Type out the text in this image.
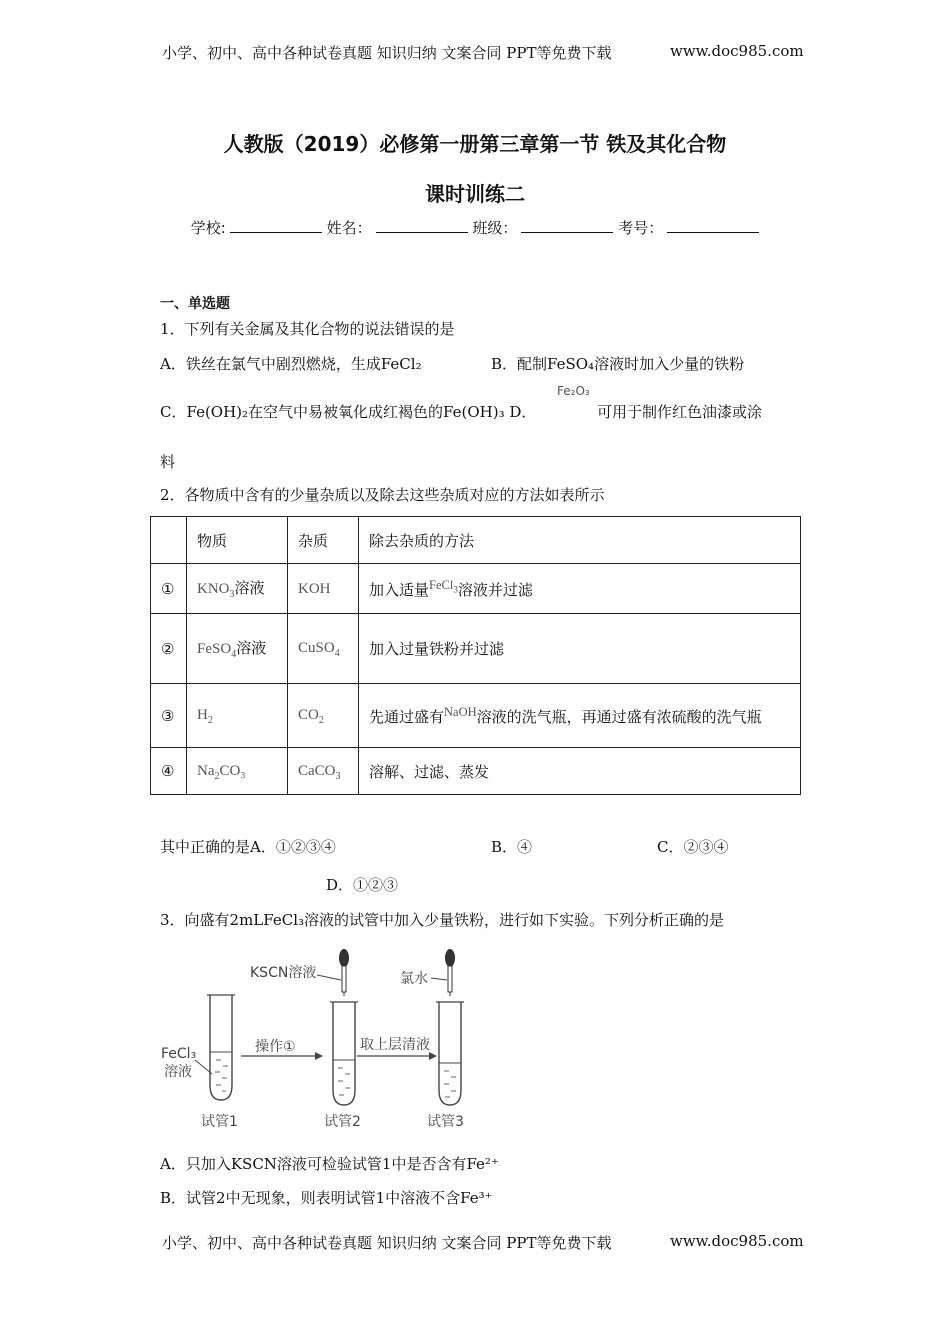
小学、初中、高中各种试卷真题 知识归纳 文案合同 PPT等免费下载	www.doc985.com
人教版（2019）必修第一册第三章第一节 铁及其化合物
课时训练二
学校:	姓名：	班级：	考号：
一、单选题
1．下列有关金属及其化合物的说法错误的是
A．铁丝在氯气中剧烈燃烧，生成FeCl₂	B．配制FeSO₄溶液时加入少量的铁粉
C．Fe(OH)₂在空气中易被氧化成红褐色的Fe(OH)₃ D．
Fe₂O₃
可用于制作红色油漆或涂
料
2．各物质中含有的少量杂质以及除去这些杂质对应的方法如表所示
	物质	杂质	除去杂质的方法
①	$KNO_3$溶液	KOH	加入适量$^{FeCl_3}$溶液并过滤
②	FeSO$_4$溶液	CuSO$_4$	加入过量铁粉并过滤
③	$H_2$	$CO_2$	先通过盛有$^{NaOH}$溶液的洗气瓶，再通过盛有浓硫酸的洗气瓶
④	$Na_2CO_3$	CaCO$_3$	溶解、过滤、蒸发
其中正确的是A．①②③④	B．④	C．②③④
D．①②③
3．向盛有2mLFeCl₃溶液的试管中加入少量铁粉，进行如下实验。下列分析正确的是
FeCl₃
溶液
操作①
KSCN溶液
取上层清液
氯水
试管1	试管2	试管3
A．只加入KSCN溶液可检验试管1中是否含有Fe²⁺
B．试管2中无现象，则表明试管1中溶液不含Fe³⁺
小学、初中、高中各种试卷真题 知识归纳 文案合同 PPT等免费下载	www.doc985.com
